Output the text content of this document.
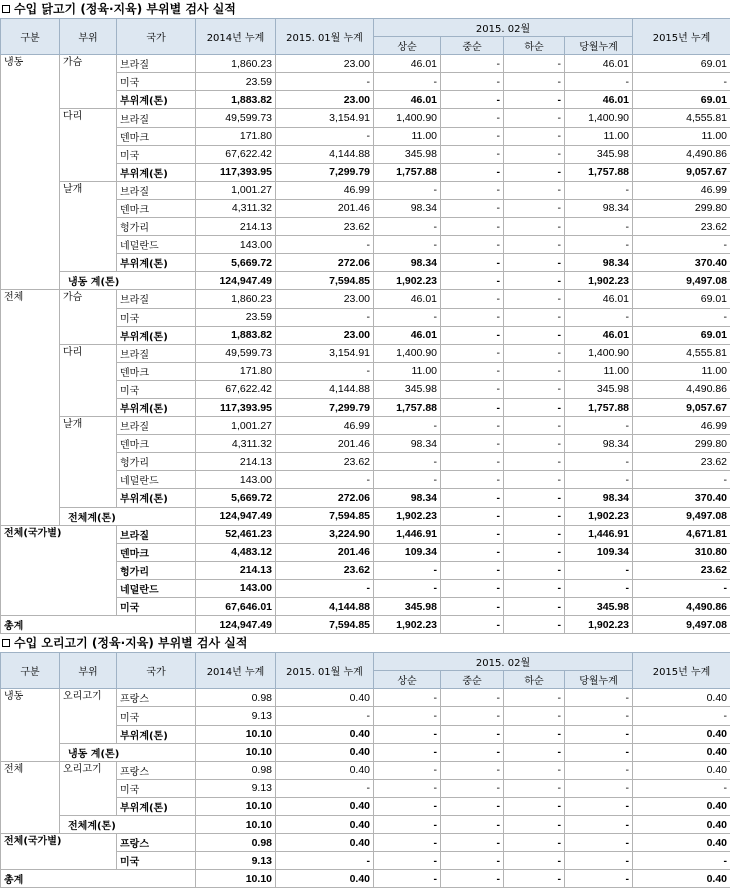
수입 닭고기 (정육·지육) 부위별 검사 실적
구분	부위	국가	2014년 누계	2015. 01월 누계	2015. 02월				2015년 누계
					상순	중순	하순	당월누계	
냉동	가슴	브라질	1,860.23	23.00	46.01	-	-	46.01	69.01
		미국	23.59	-	-	-	-	-	-
		부위계(톤)	1,883.82	23.00	46.01	-	-	46.01	69.01
	다리	브라질	49,599.73	3,154.91	1,400.90	-	-	1,400.90	4,555.81
		덴마크	171.80	-	11.00	-	-	11.00	11.00
		미국	67,622.42	4,144.88	345.98	-	-	345.98	4,490.86
		부위계(톤)	117,393.95	7,299.79	1,757.88	-	-	1,757.88	9,057.67
	날개	브라질	1,001.27	46.99	-	-	-	-	46.99
		덴마크	4,311.32	201.46	98.34	-	-	98.34	299.80
		헝가리	214.13	23.62	-	-	-	-	23.62
		네덜란드	143.00	-	-	-	-	-	-
		부위계(톤)	5,669.72	272.06	98.34	-	-	98.34	370.40
	냉동 계(톤)		124,947.49	7,594.85	1,902.23	-	-	1,902.23	9,497.08
전체	가슴	브라질	1,860.23	23.00	46.01	-	-	46.01	69.01
		미국	23.59	-	-	-	-	-	-
		부위계(톤)	1,883.82	23.00	46.01	-	-	46.01	69.01
	다리	브라질	49,599.73	3,154.91	1,400.90	-	-	1,400.90	4,555.81
		덴마크	171.80	-	11.00	-	-	11.00	11.00
		미국	67,622.42	4,144.88	345.98	-	-	345.98	4,490.86
		부위계(톤)	117,393.95	7,299.79	1,757.88	-	-	1,757.88	9,057.67
	날개	브라질	1,001.27	46.99	-	-	-	-	46.99
		덴마크	4,311.32	201.46	98.34	-	-	98.34	299.80
		헝가리	214.13	23.62	-	-	-	-	23.62
		네덜란드	143.00	-	-	-	-	-	-
		부위계(톤)	5,669.72	272.06	98.34	-	-	98.34	370.40
	전체계(톤)		124,947.49	7,594.85	1,902.23	-	-	1,902.23	9,497.08
전체(국가별)		브라질	52,461.23	3,224.90	1,446.91	-	-	1,446.91	4,671.81
		덴마크	4,483.12	201.46	109.34	-	-	109.34	310.80
		헝가리	214.13	23.62	-	-	-	-	23.62
		네덜란드	143.00	-	-	-	-	-	-
		미국	67,646.01	4,144.88	345.98	-	-	345.98	4,490.86
총계			124,947.49	7,594.85	1,902.23	-	-	1,902.23	9,497.08
수입 오리고기 (정육·지육) 부위별 검사 실적
구분	부위	국가	2014년 누계	2015. 01월 누계	2015. 02월				2015년 누계
					상순	중순	하순	당월누계	
냉동	오리고기	프랑스	0.98	0.40	-	-	-	-	0.40
		미국	9.13	-	-	-	-	-	-
		부위계(톤)	10.10	0.40	-	-	-	-	0.40
	냉동 계(톤)		10.10	0.40	-	-	-	-	0.40
전체	오리고기	프랑스	0.98	0.40	-	-	-	-	0.40
		미국	9.13	-	-	-	-	-	-
		부위계(톤)	10.10	0.40	-	-	-	-	0.40
	전체계(톤)		10.10	0.40	-	-	-	-	0.40
전체(국가별)		프랑스	0.98	0.40	-	-	-	-	0.40
		미국	9.13	-	-	-	-	-	-
총계			10.10	0.40	-	-	-	-	0.40
